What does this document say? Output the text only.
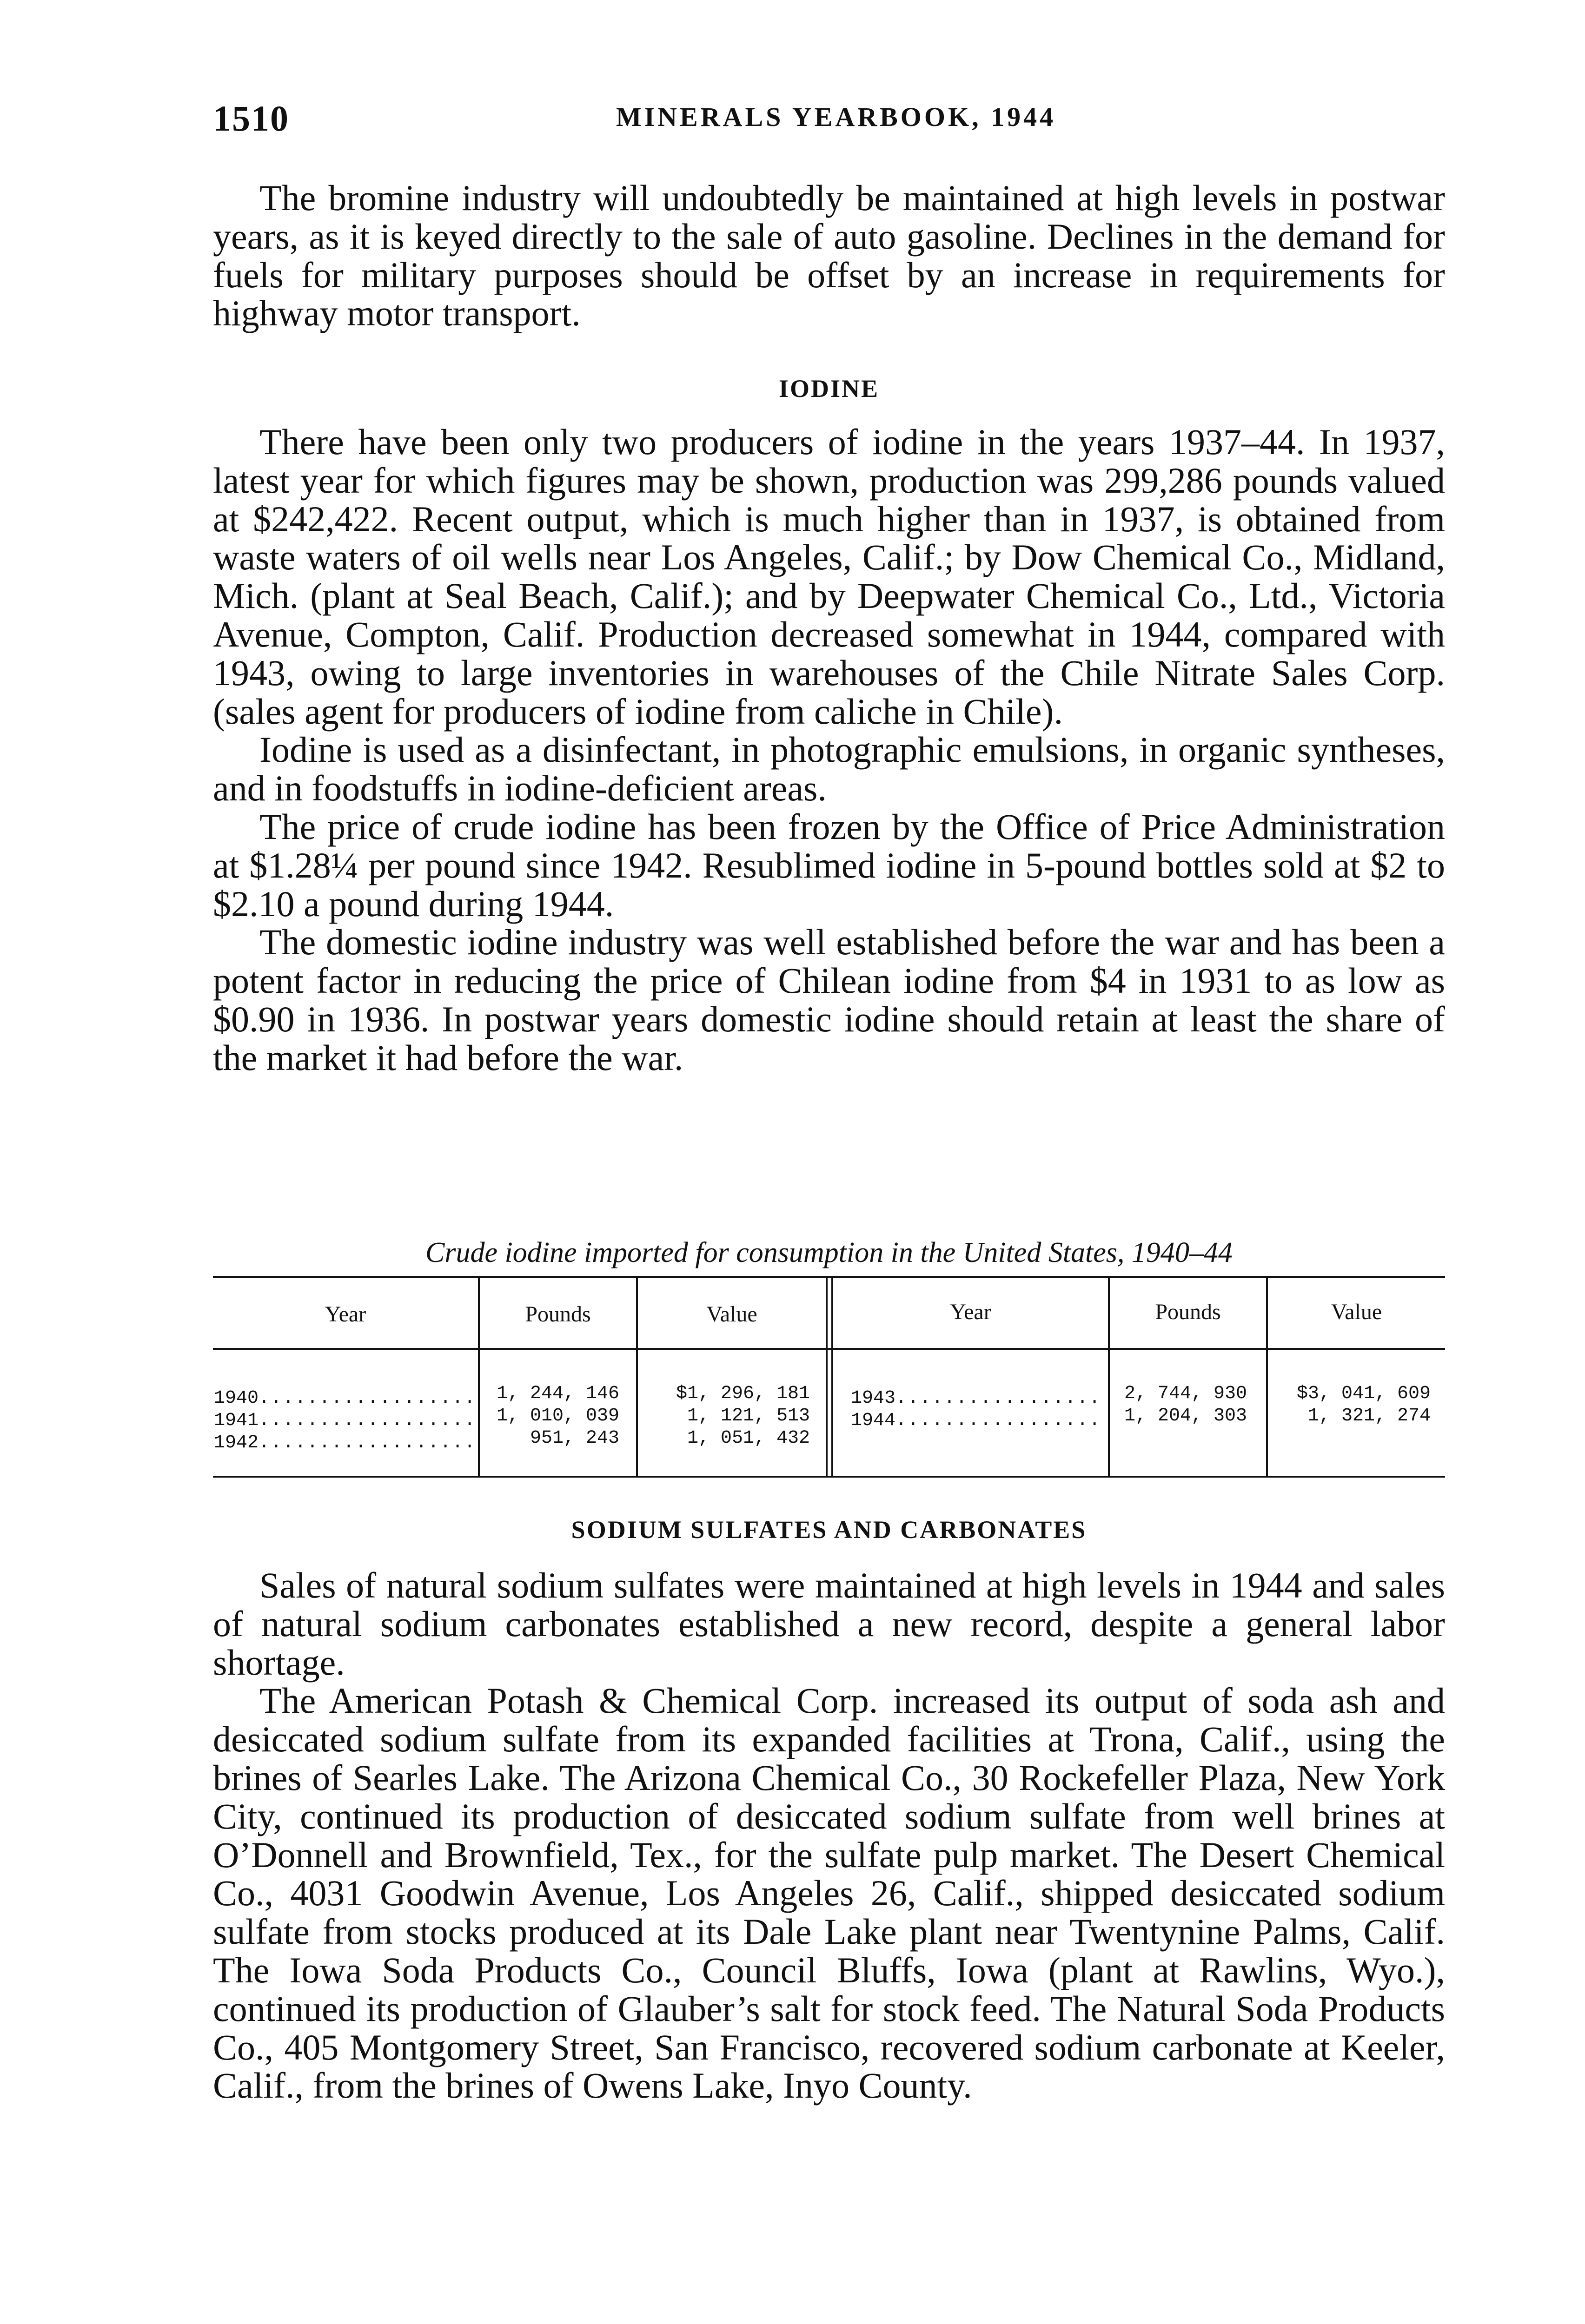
1510	MINERALS YEARBOOK, 1944

The bromine industry will undoubtedly be maintained at high levels in postwar years, as it is keyed directly to the sale of auto gasoline. Declines in the demand for fuels for military purposes should be offset by an increase in requirements for highway motor transport.

IODINE

There have been only two producers of iodine in the years 1937–44. In 1937, latest year for which figures may be shown, production was 299,286 pounds valued at $242,422. Recent output, which is much higher than in 1937, is obtained from waste waters of oil wells near Los Angeles, Calif.; by Dow Chemical Co., Midland, Mich. (plant at Seal Beach, Calif.); and by Deepwater Chemical Co., Ltd., Victoria Avenue, Compton, Calif. Production decreased somewhat in 1944, compared with 1943, owing to large inventories in warehouses of the Chile Nitrate Sales Corp. (sales agent for producers of iodine from caliche in Chile).

Iodine is used as a disinfectant, in photographic emulsions, in organic syntheses, and in foodstuffs in iodine-deficient areas.

The price of crude iodine has been frozen by the Office of Price Administration at $1.28¼ per pound since 1942. Resublimed iodine in 5-pound bottles sold at $2 to $2.10 a pound during 1944.

The domestic iodine industry was well established before the war and has been a potent factor in reducing the price of Chilean iodine from $4 in 1931 to as low as $0.90 in 1936. In postwar years domestic iodine should retain at least the share of the market it had before the war.

Crude iodine imported for consumption in the United States, 1940–44
Year	Pounds	Value	Year	Pounds	Value
1940 .....	1, 244, 146	$1, 296, 181
1941 .....	1, 010, 039	1, 121, 513
1942 .....	951, 243	1, 051, 432
1943 .....	2, 744, 930	$3, 041, 609
1944 .....	1, 204, 303	1, 321, 274
SODIUM SULFATES AND CARBONATES

Sales of natural sodium sulfates were maintained at high levels in 1944 and sales of natural sodium carbonates established a new record, despite a general labor shortage.

The American Potash & Chemical Corp. increased its output of soda ash and desiccated sodium sulfate from its expanded facilities at Trona, Calif., using the brines of Searles Lake. The Arizona Chemical Co., 30 Rockefeller Plaza, New York City, continued its production of desiccated sodium sulfate from well brines at O’Donnell and Brownfield, Tex., for the sulfate pulp market. The Desert Chemical Co., 4031 Goodwin Avenue, Los Angeles 26, Calif., shipped desiccated sodium sulfate from stocks produced at its Dale Lake plant near Twentynine Palms, Calif. The Iowa Soda Products Co., Council Bluffs, Iowa (plant at Rawlins, Wyo.), continued its production of Glauber’s salt for stock feed. The Natural Soda Products Co., 405 Montgomery Street, San Francisco, recovered sodium carbonate at Keeler, Calif., from the brines of Owens Lake, Inyo County.
